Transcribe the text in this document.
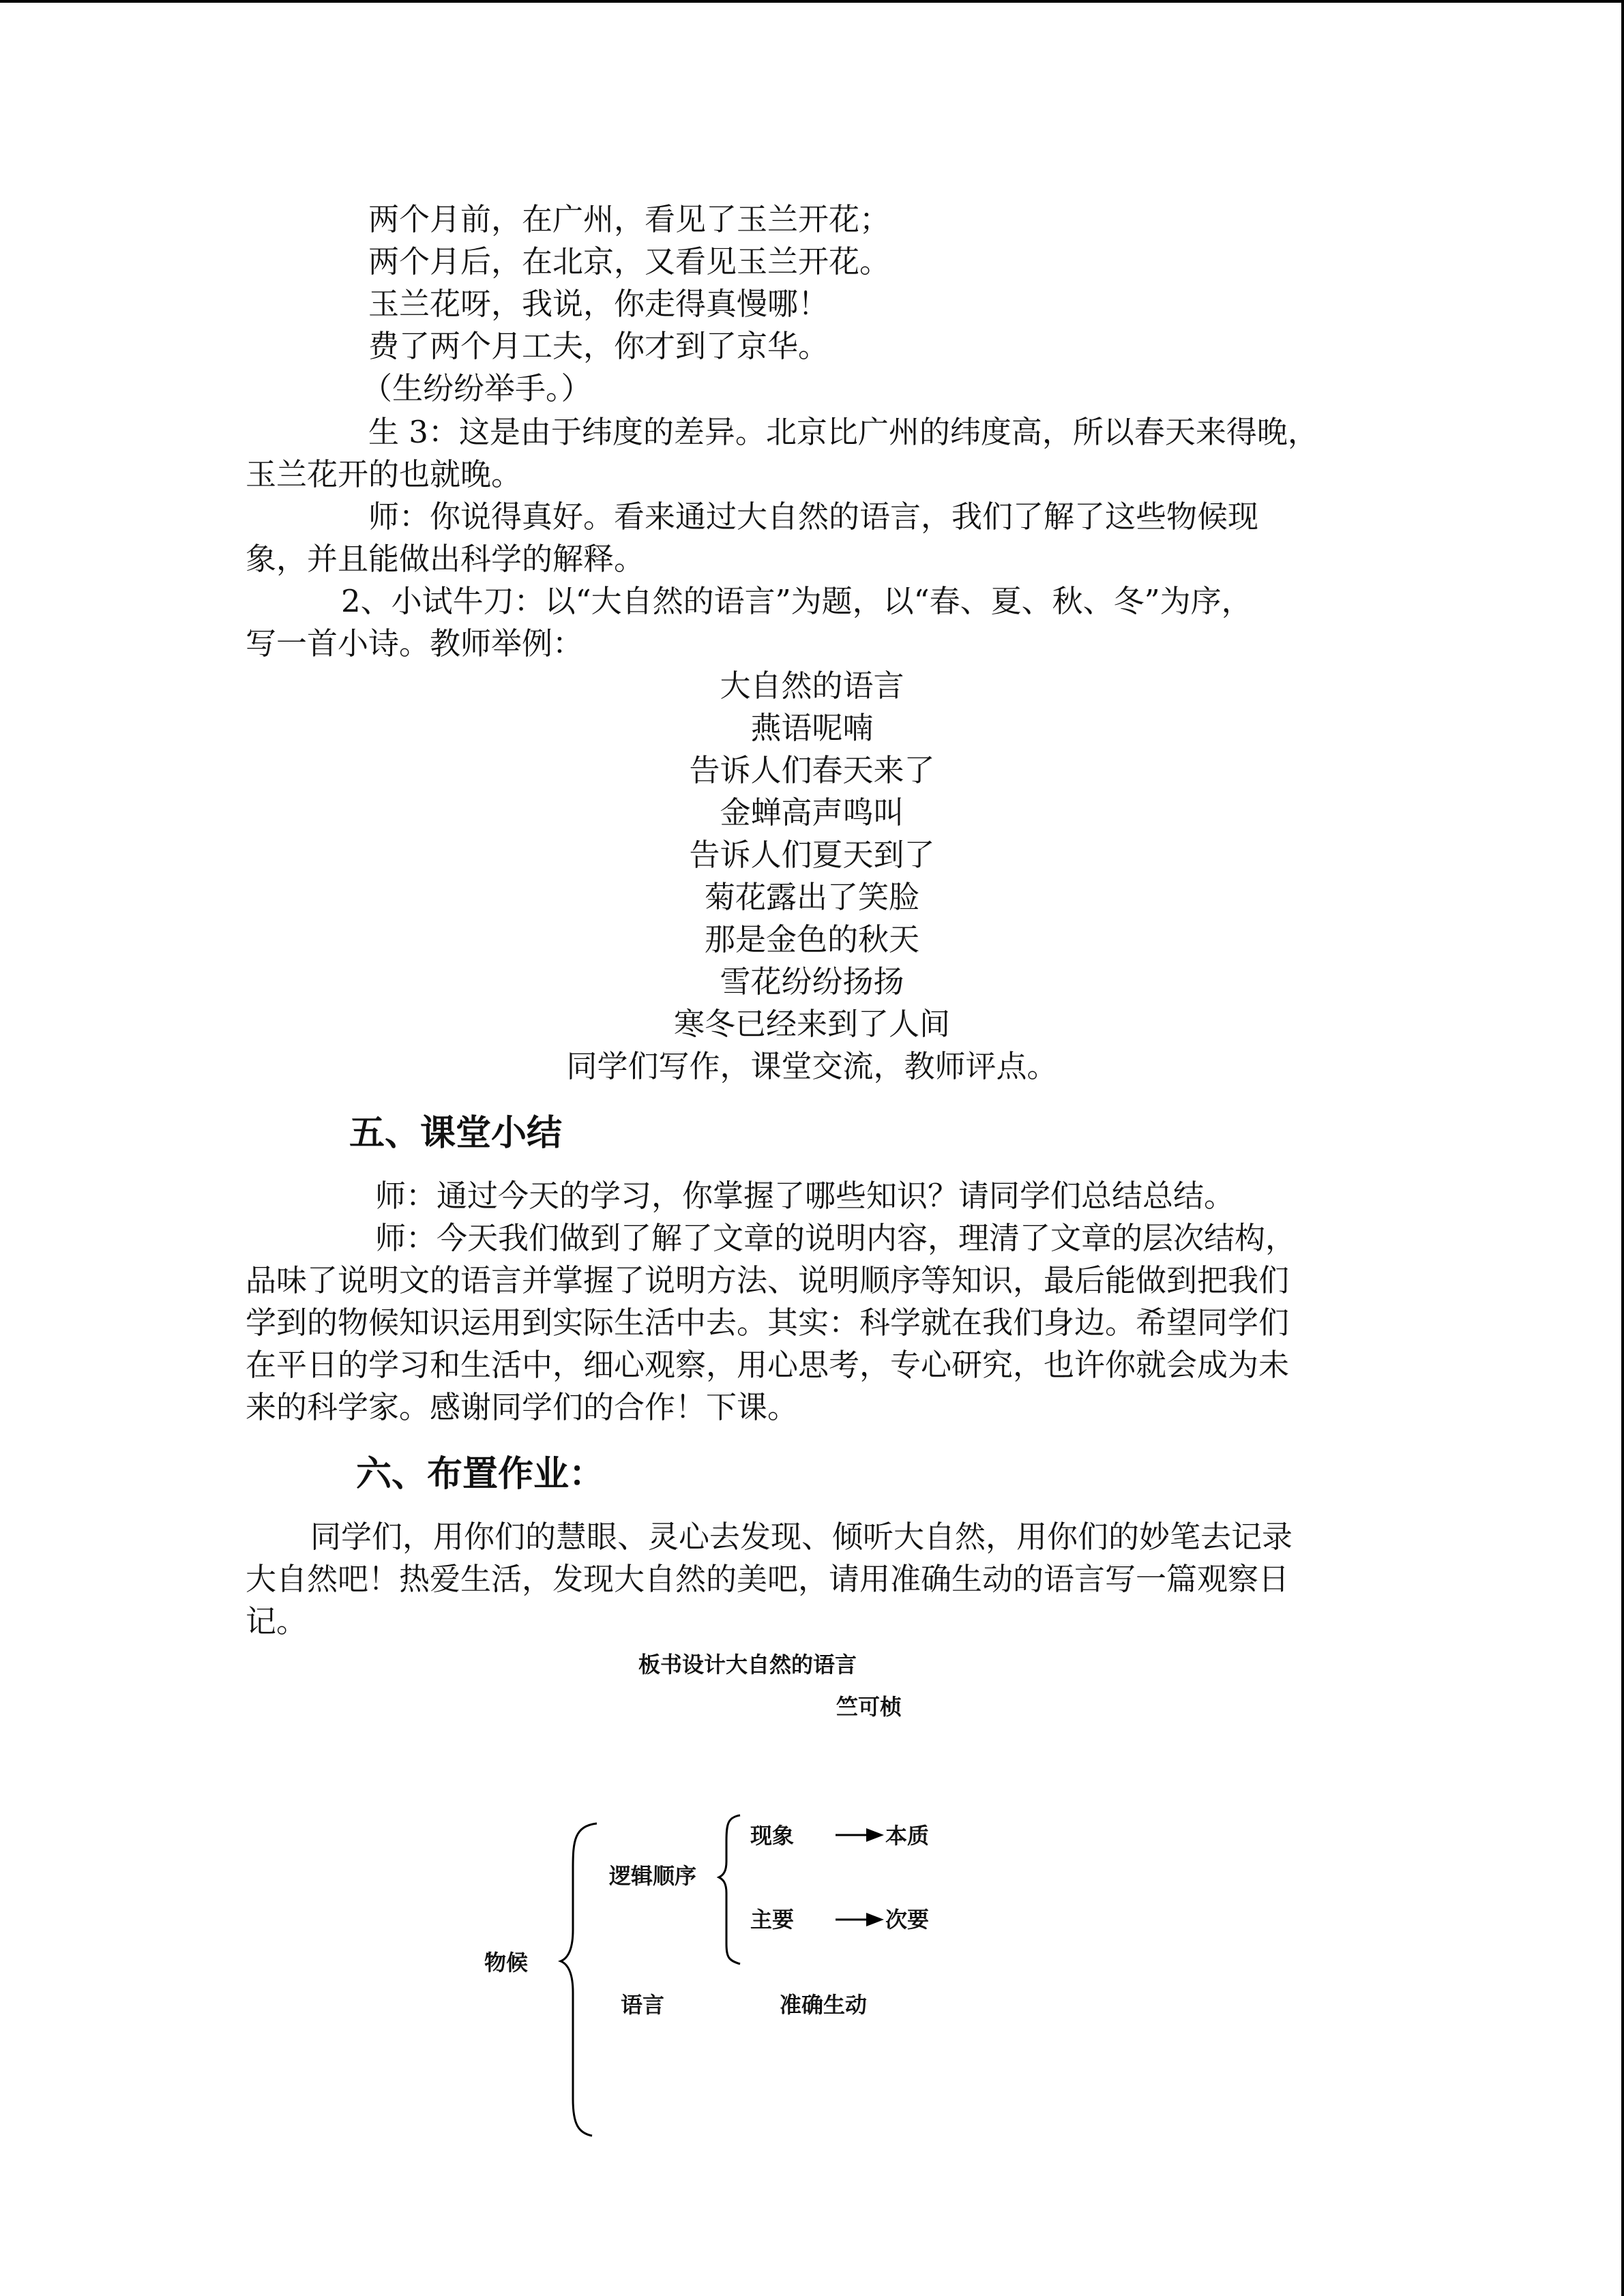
两个月前，在广州，看见了玉兰开花；
两个月后，在北京，又看见玉兰开花。
玉兰花呀，我说，你走得真慢哪！
费了两个月工夫，你才到了京华。
（生纷纷举手。）
生 3：这是由于纬度的差异。北京比广州的纬度高，所以春天来得晚，
玉兰花开的也就晚。
师：你说得真好。看来通过大自然的语言，我们了解了这些物候现
象，并且能做出科学的解释。
2、小试牛刀：以“大自然的语言”为题，以“春、夏、秋、冬”为序，
写一首小诗。教师举例：
大自然的语言
燕语呢喃
告诉人们春天来了
金蝉高声鸣叫
告诉人们夏天到了
菊花露出了笑脸
那是金色的秋天
雪花纷纷扬扬
寒冬已经来到了人间
同学们写作，课堂交流，教师评点。
五、课堂小结
师：通过今天的学习，你掌握了哪些知识？请同学们总结总结。
师：今天我们做到了解了文章的说明内容，理清了文章的层次结构，
品味了说明文的语言并掌握了说明方法、说明顺序等知识，最后能做到把我们
学到的物候知识运用到实际生活中去。其实：科学就在我们身边。希望同学们
在平日的学习和生活中，细心观察，用心思考，专心研究，也许你就会成为未
来的科学家。感谢同学们的合作！下课。
六、布置作业：
同学们，用你们的慧眼、灵心去发现、倾听大自然，用你们的妙笔去记录
大自然吧！热爱生活，发现大自然的美吧，请用准确生动的语言写一篇观察日
记。
板书设计大自然的语言
竺可桢
物候
逻辑顺序
现象	本质
主要	次要
语言	准确生动
